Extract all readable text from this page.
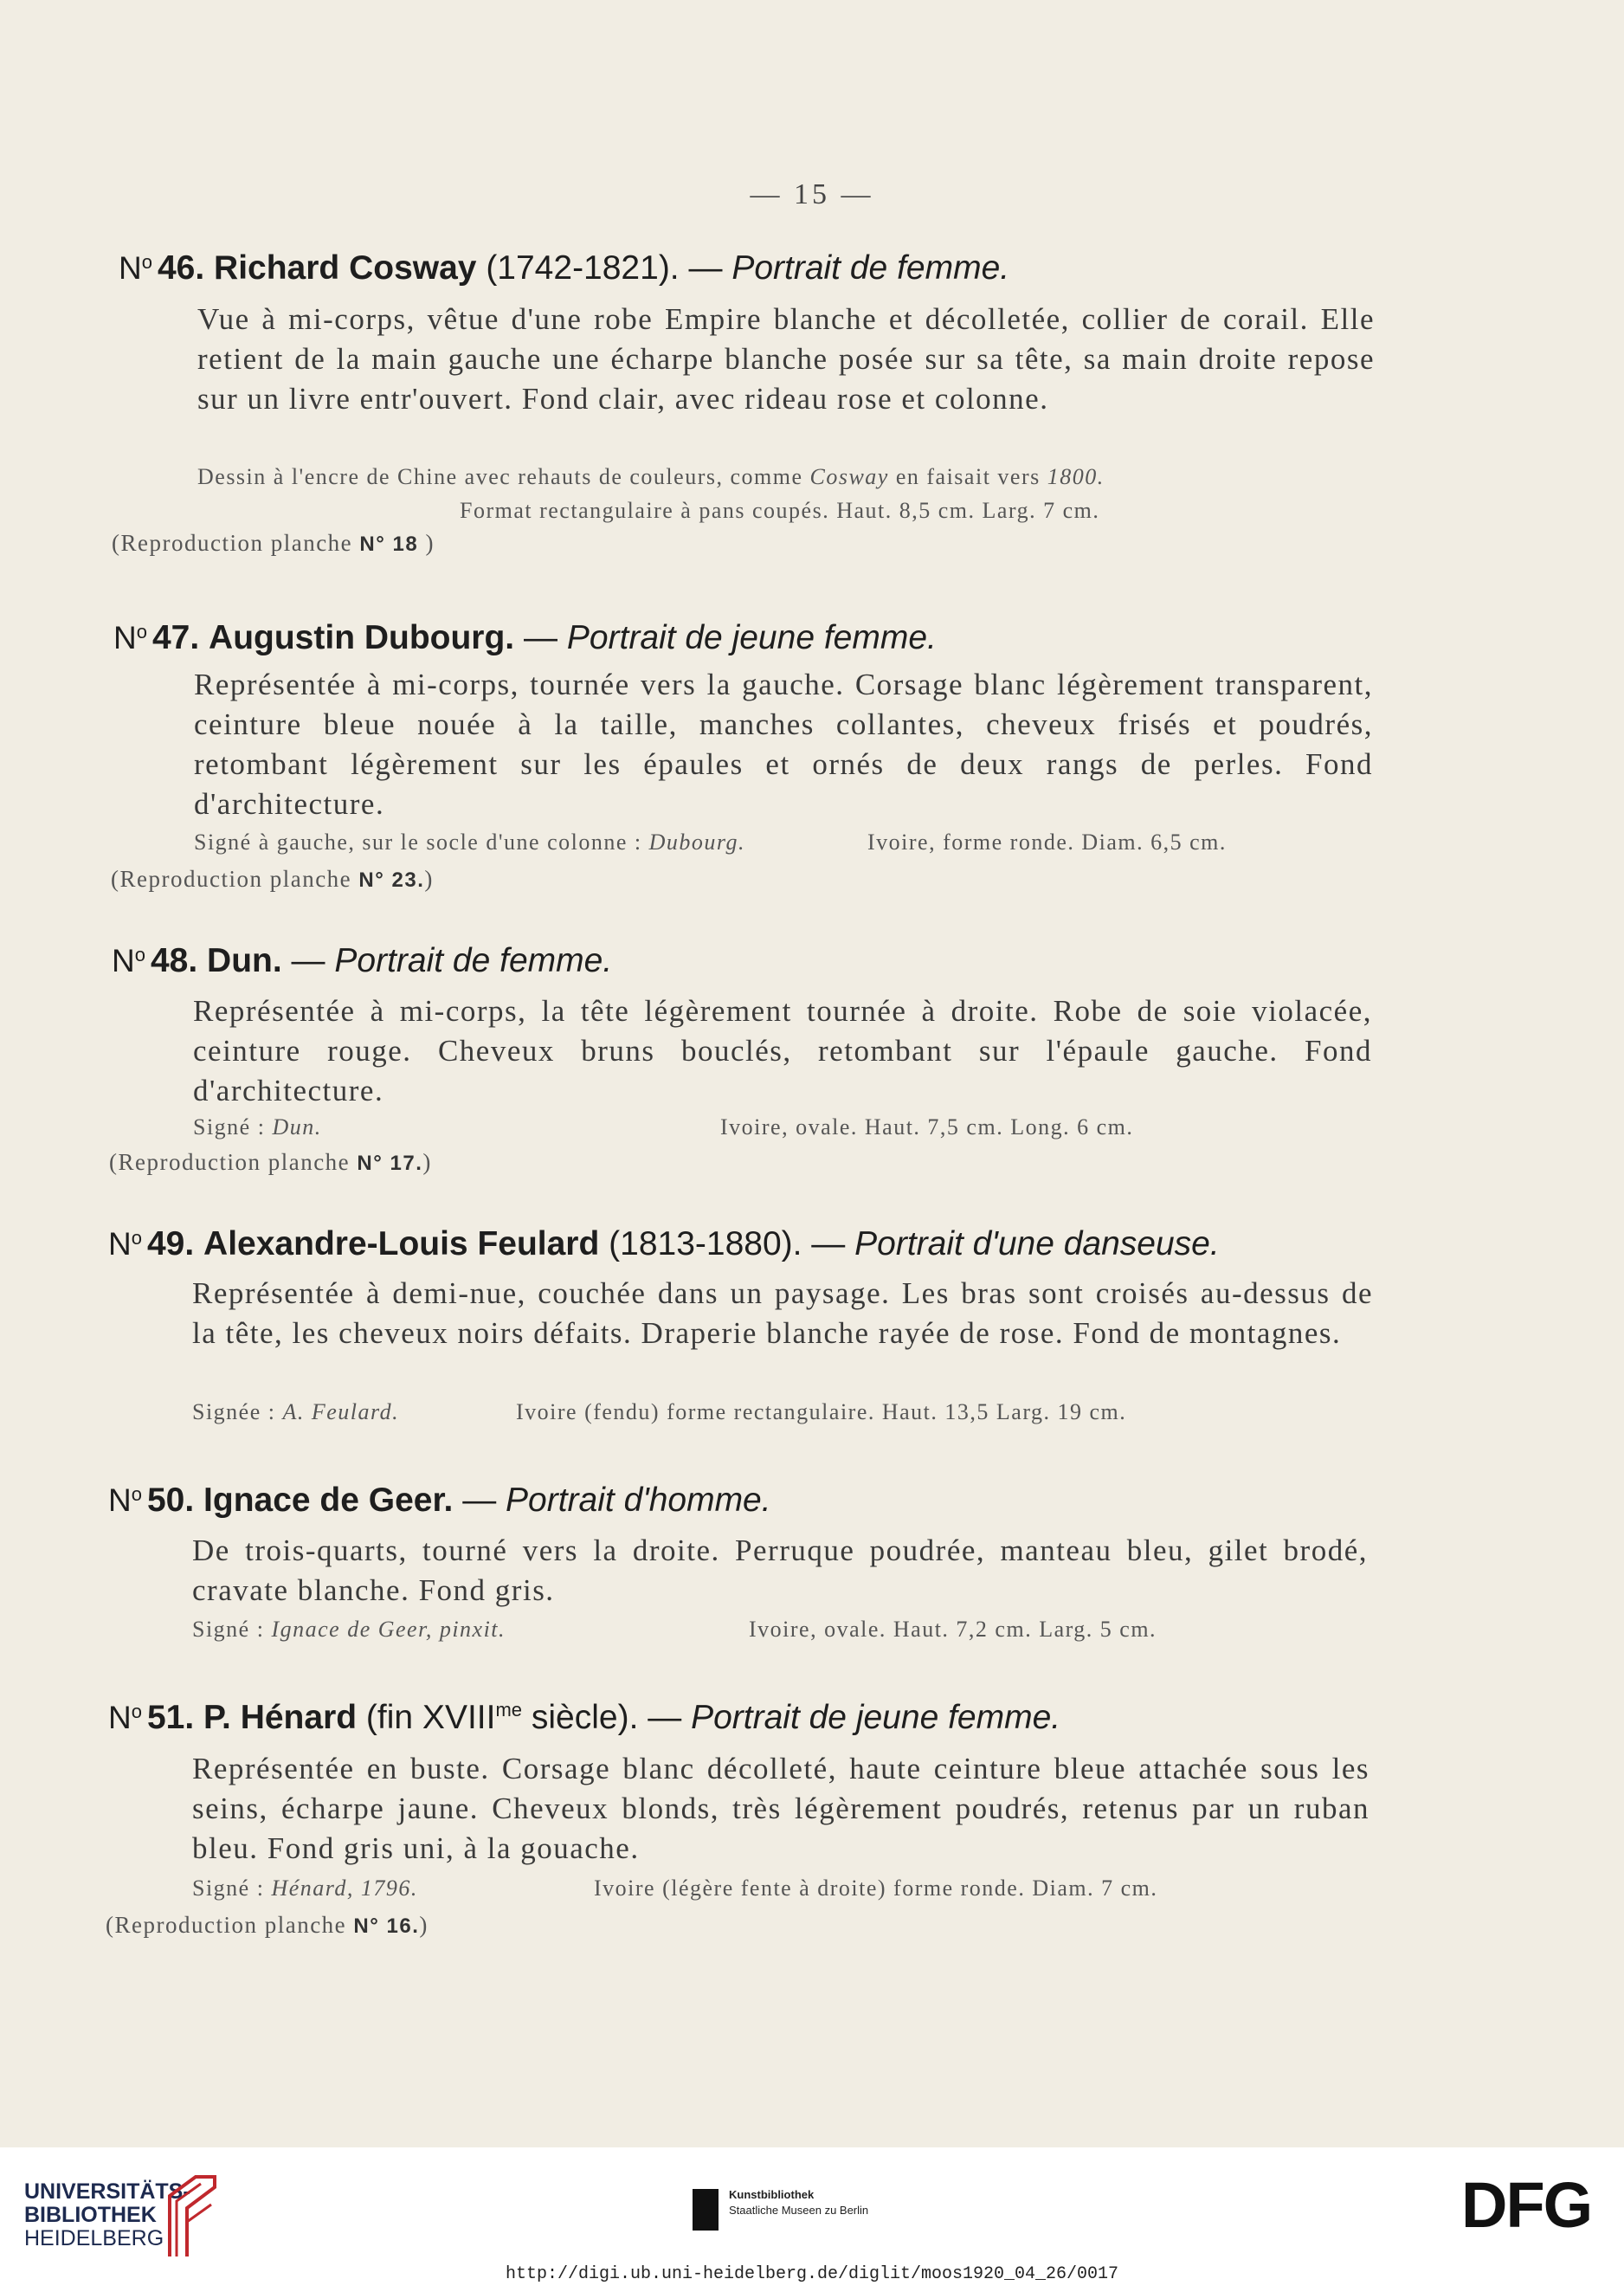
— 15 —
$N^o$ 46. Richard Cosway (1742-1821). — Portrait de femme.
Vue à mi-corps, vêtue d'une robe Empire blanche et décolletée, collier de corail. Elle retient de la main gauche une écharpe blanche posée sur sa tête, sa main droite repose sur un livre entr'ouvert. Fond clair, avec rideau rose et colonne.
Dessin à l'encre de Chine avec rehauts de couleurs, comme Cosway en faisait vers 1800.
Format rectangulaire à pans coupés. Haut. 8,5 cm. Larg. 7 cm.
(Reproduction planche N° 18 )
$N^o$ 47. Augustin Dubourg. — Portrait de jeune femme.
Représentée à mi-corps, tournée vers la gauche. Corsage blanc légèrement transparent, ceinture bleue nouée à la taille, manches collantes, cheveux frisés et poudrés, retombant légèrement sur les épaules et ornés de deux rangs de perles. Fond d'architecture.
Signé à gauche, sur le socle d'une colonne : Dubourg.	Ivoire, forme ronde. Diam. 6,5 cm.
(Reproduction planche N° 23.)
$N^o$ 48. Dun. — Portrait de femme.
Représentée à mi-corps, la tête légèrement tournée à droite. Robe de soie violacée, ceinture rouge. Cheveux bruns bouclés, retombant sur l'épaule gauche. Fond d'architecture.
Signé : Dun.	Ivoire, ovale. Haut. 7,5 cm. Long. 6 cm.
(Reproduction planche N° 17.)
$N^o$ 49. Alexandre-Louis Feulard (1813-1880). — Portrait d'une danseuse.
Représentée à demi-nue, couchée dans un paysage. Les bras sont croisés au-dessus de la tête, les cheveux noirs défaits. Draperie blanche rayée de rose. Fond de montagnes.
Signée : A. Feulard.	Ivoire (fendu) forme rectangulaire. Haut. 13,5 Larg. 19 cm.
$N^o$ 50. Ignace de Geer. — Portrait d'homme.
De trois-quarts, tourné vers la droite. Perruque poudrée, manteau bleu, gilet brodé, cravate blanche. Fond gris.
Signé : Ignace de Geer, pinxit.	Ivoire, ovale. Haut. 7,2 cm. Larg. 5 cm.
$N^o$ 51. P. Hénard (fin $XVIII^{me}$ siècle). — Portrait de jeune femme.
Représentée en buste. Corsage blanc décolleté, haute ceinture bleue attachée sous les seins, écharpe jaune. Cheveux blonds, très légèrement poudrés, retenus par un ruban bleu. Fond gris uni, à la gouache.
Signé : Hénard, 1796.	Ivoire (légère fente à droite) forme ronde. Diam. 7 cm.
(Reproduction planche N° 16.)
UNIVERSITÄTS-
BIBLIOTHEK
HEIDELBERG
Kunstbibliothek
Staatliche Museen zu Berlin	DFG
http://digi.ub.uni-heidelberg.de/diglit/moos1920_04_26/0017
